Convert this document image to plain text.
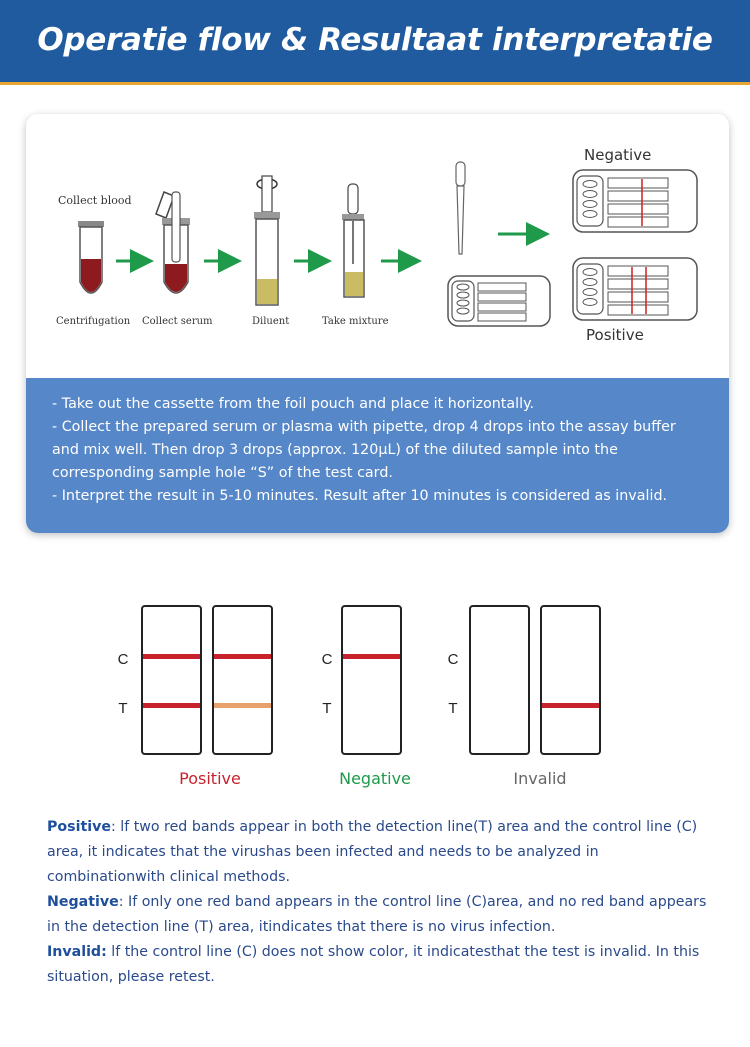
Operatie flow & Resultaat interpretatie
Collect blood
Centrifugation Collect serum	Diluent	Take mixture
Negative
Positive
- Take out the cassette from the foil pouch and place it horizontally.
- Collect the prepared serum or plasma with pipette, drop 4 drops into the assay buffer and mix well. Then drop 3 drops (approx. 120µL) of the diluted sample into the corresponding sample hole “S” of the test card.
- Interpret the result in 5-10 minutes. Result after 10 minutes is considered as invalid.
C
T
Positive
C
T
Negative
C
T
Invalid

Positive: lf two red bands appear in both the detection line(T) area and the control line (C) area, it indicates that the virushas been infected and needs to be analyzed in combinationwith clinical methods.

Negative: If only one red band appears in the control line (C)area, and no red band appears in the detection line (T) area, itindicates that there is no virus infection.

Invalid: lf the control line (C) does not show color, it indicatesthat the test is invalid. In this situation, please retest.
